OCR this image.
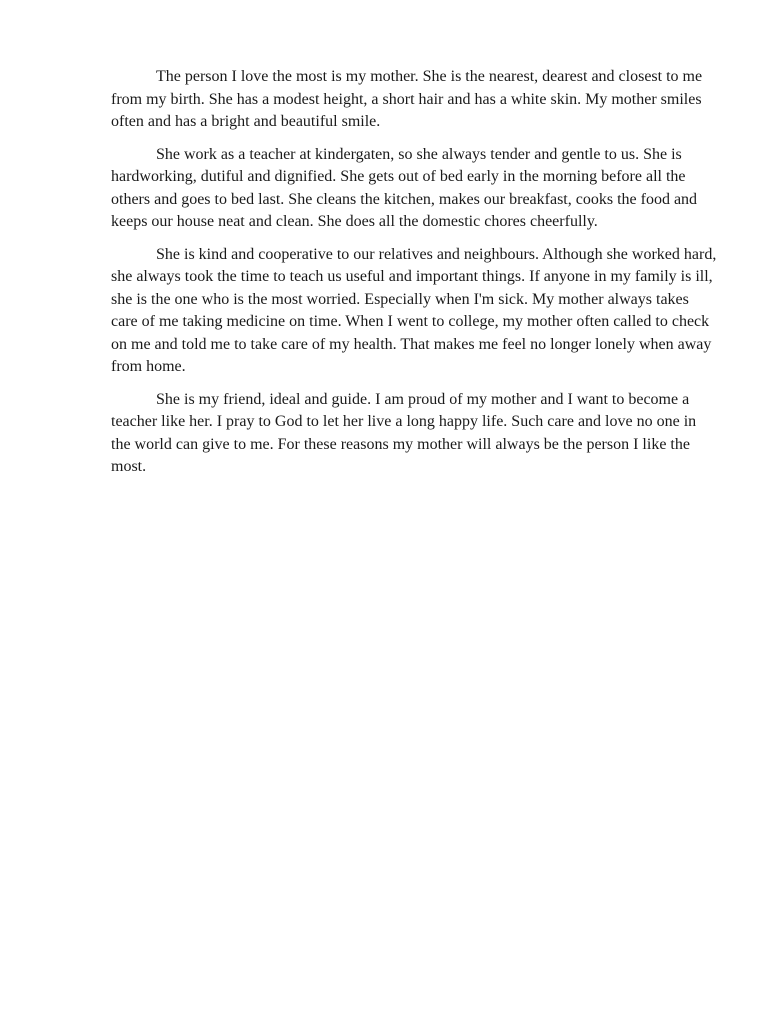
The person I love the most is my mother. She is the nearest, dearest and closest to me from my birth. She has a modest height, a short hair and has a white skin. My mother smiles often and has a bright and beautiful smile.

She work as a teacher at kindergaten, so she always tender and gentle to us. She is hardworking, dutiful and dignified. She gets out of bed early in the morning before all the others and goes to bed last. She cleans the kitchen, makes our breakfast, cooks the food and keeps our house neat and clean. She does all the domestic chores cheerfully.

She is kind and cooperative to our relatives and neighbours. Although she worked hard, she always took the time to teach us useful and important things. If anyone in my family is ill, she is the one who is the most worried. Especially when I'm sick. My mother always takes care of me taking medicine on time. When I went to college, my mother often called to check on me and told me to take care of my health. That makes me feel no longer lonely when away from home.

She is my friend, ideal and guide. I am proud of my mother and I want to become a teacher like her. I pray to God to let her live a long happy life. Such care and love no one in the world can give to me. For these reasons my mother will always be the person I like the most.
